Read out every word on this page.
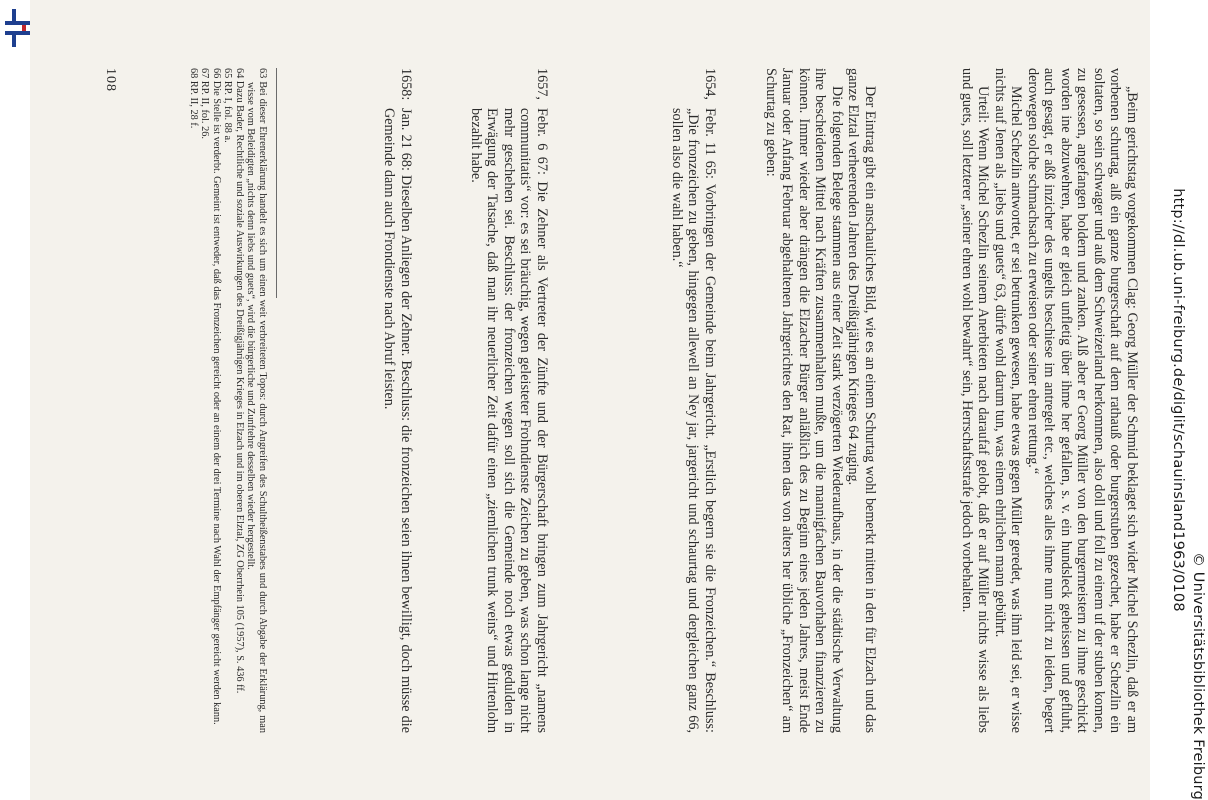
„Beim gerichtstag vorgekommen Clag: Georg Müller der Schmid beklaget sich wider Michel Schezlin, daß er am vorbenen schurtag, alß ein ganze burgerschaft auf dem rathauß oder burgerstuben gezechet, habe er Schezlin ein soltaten, so sein schwager und auß dem Schweizerland herkommen, also doll und foll zu einem uf der stuben komen, zu gesessen, angefangen boldern und zanken. Alß aber er Georg Müller von den burgermeistern zu ihme geschickt worden ine abzuwehren, habe er gleich unfletig über ihme her gefallen, s. v. ein hundsleck geheissen und gefluht, auch gesagt, er aßß inzicher des ungelts beschiese im antregelt etc., welches alles ihme nun nicht zu leiden, begert derowegen solche schmachsach zu erweisen oder seiner ehren rettung.“

Michel Schezlin antwortet, er sei betrunken gewesen, habe etwas gegen Müller geredet, was ihm leid sei, er wisse nichts auf Jenen als „liebs und guets“ 63, dürfe wohl darum tun, was einem ehrlichen mann gebührt.

Urteil: Wenn Michel Schezlin seinem Anerbieten nach daraufaf gelobt, daß er auf Müller nichts wisse als liebs und guets, soll letzterer „seiner ehren wohl bewahrt“ sein, Herrschaftsstrafe jedoch vorbehalten.

Der Eintrag gibt ein anschauliches Bild, wie es an einem Schurtag wohl bemerkt mitten in den für Elzach und das ganze Elztal verheerenden Jahren des Dreißigjährigen Krieges 64 zuging.

Die folgenden Belege stammen aus einer Zeit stark verzögerten Wiederaufbaus, in der die städtische Verwaltung ihre bescheidenen Mittel nach Kräften zusammenhalten mußte, um die mannigfachen Bauvorhaben finanzieren zu können. Immer wieder aber drängen die Elzacher Bürger anläßlich des zu Beginn eines jeden Jahres, meist Ende Januar oder Anfang Februar abgehaltenen Jahrgerichtes den Rat, ihnen das von alters her übliche „Fronzeichen“ am Schurtag zu geben:

1654,
Febr. 11 65: Vorbringen der Gemeinde beim Jahrgericht. „Erstlich begern sie die Fronzeichen.“ Beschluss: „Die fronzeichen zu geben, hingegen allewell an Ney jar, jargericht und schaurtag und dergleichen ganz 66, sollen also die wahl haben.“

1657,
Febr. 6 67: Die Zehner als Vertreter der Zünfte und der Bürgerschaft bringen zum Jahrgericht „namens communitatis“ vor: es sei bräuchig, wegen geleisteter Frohndienste Zeichen zu geben, was schon lange nicht mehr geschehen sei. Beschluss: der fronzeichen wegen soll sich die Gemeinde noch etwas gedulden in Erwägung der Tatsache, daß man ihr neuerlicher Zeit dafür einen „ziemlichen trunk weins“ und Hirtenlohn bezahlt habe.

1658:
Jan. 21 68: Dieselben Anliegen der Zehner. Beschluss: die fronzeichen seien ihnen bewilligt, doch müsse die Gemeinde dann auch Frondienste nach Abruf leisten.

63 Bei dieser Ehrenerklärung handelt es sich um einen weit verbreiteten Topos: durch Angreifen des Schultheißenstabes und durch Abgabe der Erklärung, man wisse vom Beleidigten „nichts denn liebs und guets“, wird die bürgerliche und Zunftehre desselben wieder hergestellt.

64 Dazu Bader, Rechtliche und soziale Auswirkungen des Dreißigjährigen Krieges in Elzach und im oberen Elztal, ZG Oberrhein 105 (1957), S. 436 ff.

65 RP. I, fol. 88 a.

66 Die Stelle ist verderbt. Gemeint ist entweder, daß das Fronzeichen gereicht oder an einem der drei Termine nach Wahl der Empfänger gereicht werden kann.

67 RP. II, fol. 26.

68 RP. II, 28 f.

108
http://dl.ub.uni-freiburg.de/diglit/schauinsland1963/0108
© Universitätsbibliothek Freiburg
